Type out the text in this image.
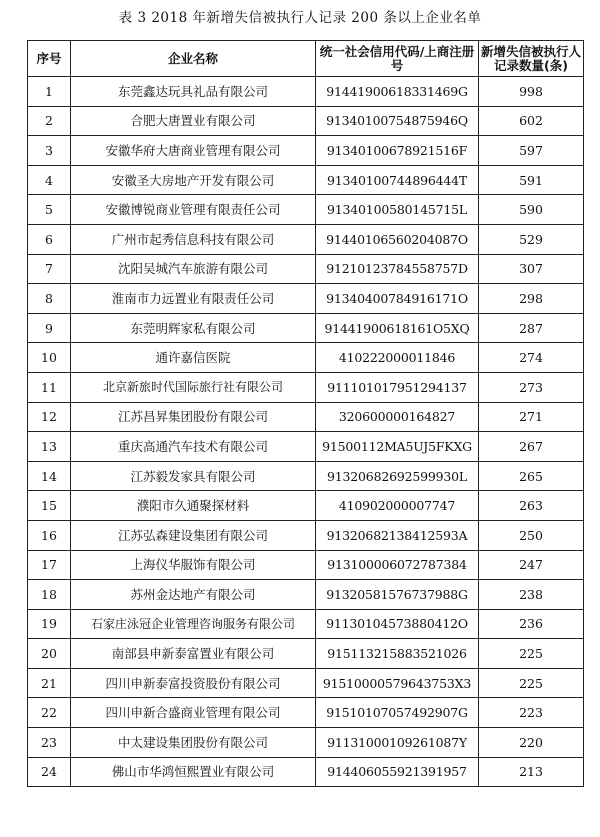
表 3 2018 年新增失信被执行人记录 200 条以上企业名单
序号	企业名称	统一社会信用代码/上商注册号	新增失信被执行人记录数量(条)
1	东莞鑫达玩具礼品有限公司	91441900618331469G	998
2	合肥大唐置业有限公司	91340100754875946Q	602
3	安徽华府大唐商业管理有限公司	91340100678921516F	597
4	安徽圣大房地产开发有限公司	91340100744896444T	591
5	安徽博锐商业管理有限责任公司	91340100580145715L	590
6	广州市起秀信息科技有限公司	91440106560204087O	529
7	沈阳吴城汽车旅游有限公司	91210123784558757D	307
8	淮南市力远置业有限责任公司	91340400784916171O	298
9	东莞明辉家私有限公司	91441900618161O5XQ	287
10	通许嘉信医院	410222000011846	274
11	北京新旅时代国际旅行社有限公司	91110101795129413​7	273
12	江苏昌昇集团股份有限公司	320600000164827	271
13	重庆高通汽车技术有限公司	91500112MA5UJ5FKXG	267
14	江苏毅发家具有限公司	91320682692599930L	265
15	濮阳市久通聚探材料	410902000007747	263
16	江苏弘森建设集团有限公司	91320682138412593A	250
17	上海仪华服饰有限公司	91310000607278738​4	247
18	苏州金达地产有限公司	91320581576737988G	238
19	石家庄泳冠企业管理咨询服务有限公司	91130104573880412O	236
20	南部县申新泰富置业有限公司	91511321588352102​6	225
21	四川申新泰富投资股份有限公司	91510000579643753X3	225
22	四川申新合盛商业管理有限公司	91510107057492907G	223
23	中太建设集团股份有限公司	91131000109261087Y	220
24	佛山市华鸿恒熙置业有限公司	91440605592139195​7	213
